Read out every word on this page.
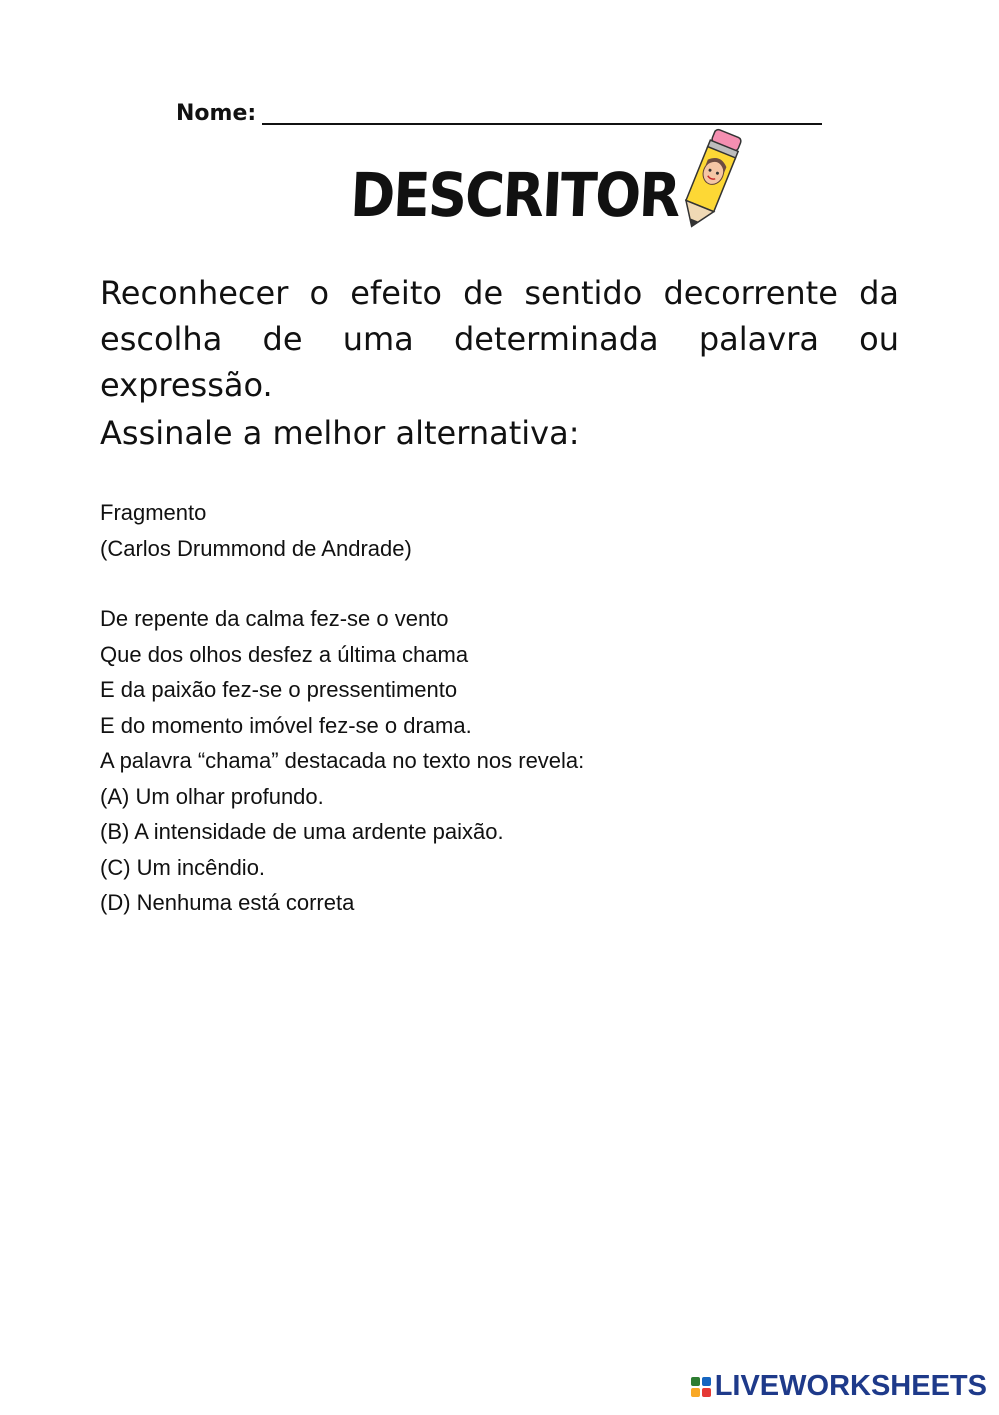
Nome:
DESCRITOR

Reconhecer o efeito de sentido decorrente da escolha de uma determinada palavra ou expressão.

Assinale a melhor alternativa:

Fragmento
(Carlos Drummond de Andrade)
De repente da calma fez-se o vento
Que dos olhos desfez a última chama
E da paixão fez-se o pressentimento
E do momento imóvel fez-se o drama.
A palavra “chama” destacada no texto nos revela:
(A) Um olhar profundo.
(B) A intensidade de uma ardente paixão.
(C) Um incêndio.
(D) Nenhuma está correta
LIVEWORKSHEETS
